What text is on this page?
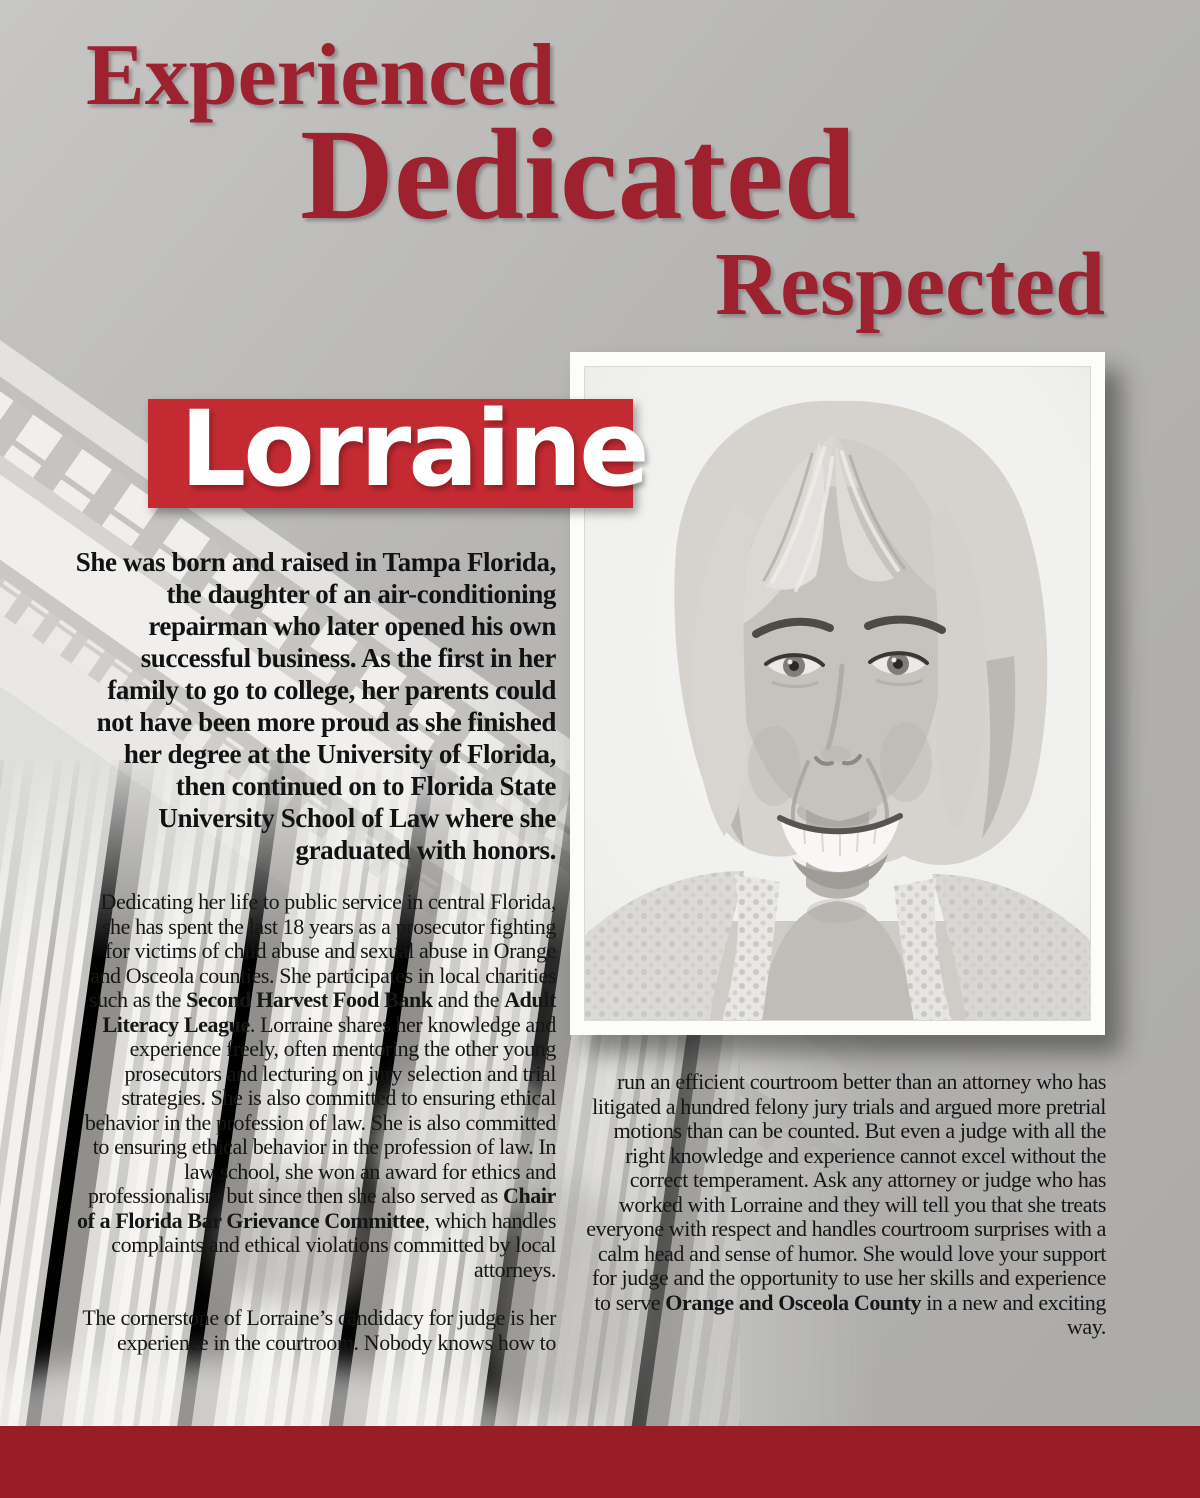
Experienced
Dedicated
Respected
Lorraine

She was born and raised in Tampa Florida, the daughter of an air-conditioning repairman who later opened his own successful business. As the first in her family to go to college, her parents could not have been more proud as she finished her degree at the University of Florida, then continued on to Florida State University School of Law where she graduated with honors.

Dedicating her life to public service in central Florida, she has spent the last 18 years as a prosecutor fighting for victims of child abuse and sexual abuse in Orange and Osceola counties. She participates in local charities such as the Second Harvest Food Bank and the Adult Literacy League. Lorraine shares her knowledge and experience freely, often mentoring the other young prosecutors and lecturing on jury selection and trial strategies. She is also committed to ensuring ethical behavior in the profession of law. She is also committed to ensuring ethical behavior in the profession of law. In law school, she won an award for ethics and professionalism but since then she also served as Chair of a Florida Bar Grievance Committee, which handles complaints and ethical violations committed by local attorneys.

The cornerstone of Lorraine’s candidacy for judge is her experience in the courtroom. Nobody knows how to

run an efficient courtroom better than an attorney who has litigated a hundred felony jury trials and argued more pretrial motions than can be counted. But even a judge with all the right knowledge and experience cannot excel without the correct temperament. Ask any attorney or judge who has worked with Lorraine and they will tell you that she treats everyone with respect and handles courtroom surprises with a calm head and sense of humor. She would love your support for judge and the opportunity to use her skills and experience to serve Orange and Osceola County in a new and exciting way.
